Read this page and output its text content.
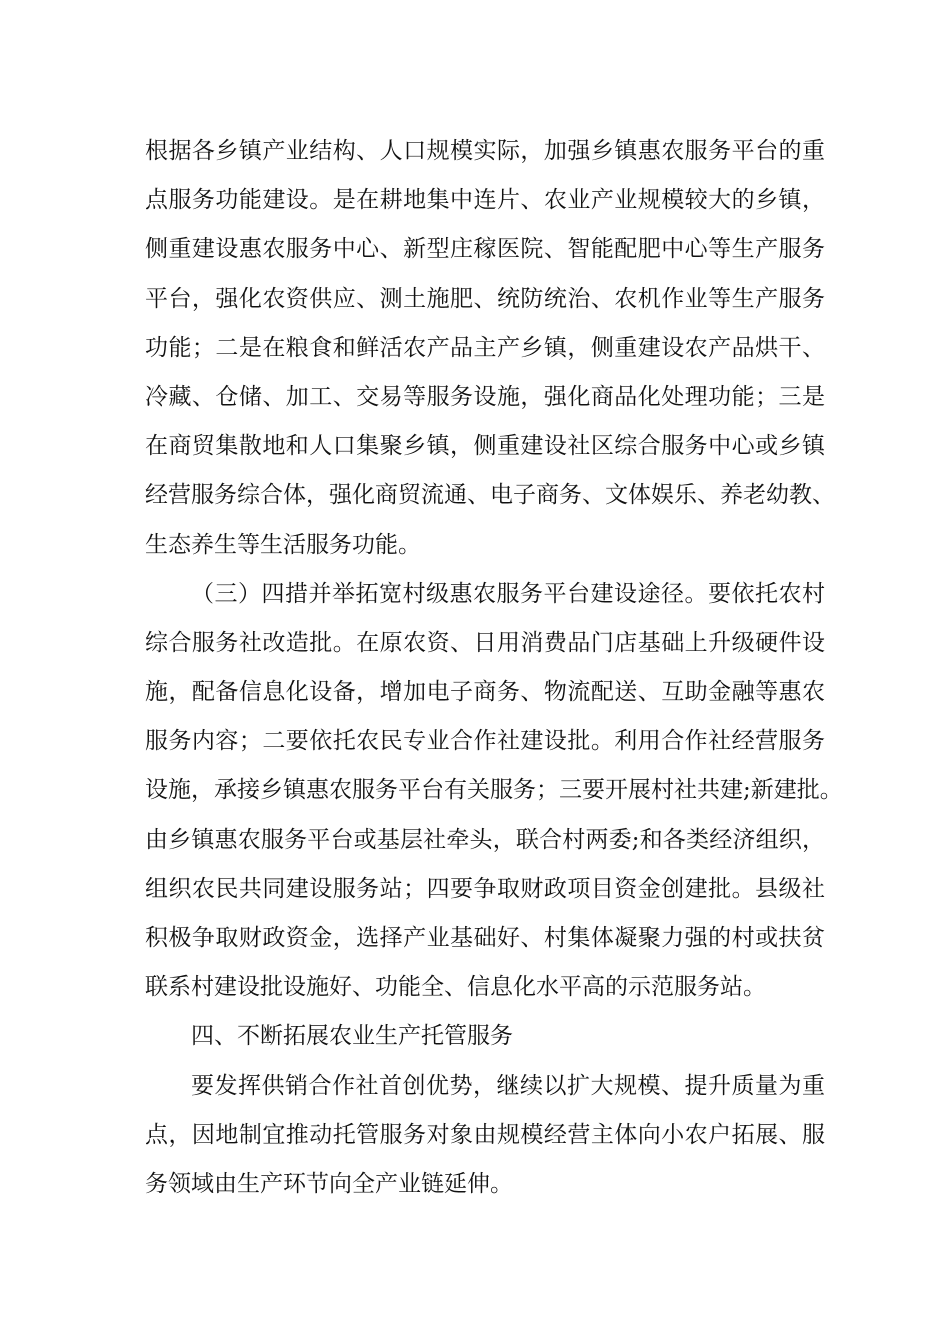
根据各乡镇产业结构、人口规模实际，加强乡镇惠农服务平台的重
点服务功能建设。是在耕地集中连片、农业产业规模较大的乡镇，
侧重建设惠农服务中心、新型庄稼医院、智能配肥中心等生产服务
平台，强化农资供应、测土施肥、统防统治、农机作业等生产服务
功能；二是在粮食和鲜活农产品主产乡镇，侧重建设农产品烘干、
冷藏、仓储、加工、交易等服务设施，强化商品化处理功能；三是
在商贸集散地和人口集聚乡镇，侧重建设社区综合服务中心或乡镇
经营服务综合体，强化商贸流通、电子商务、文体娱乐、养老幼教、
生态养生等生活服务功能。
（三）四措并举拓宽村级惠农服务平台建设途径。要依托农村
综合服务社改造批。在原农资、日用消费品门店基础上升级硬件设
施，配备信息化设备，增加电子商务、物流配送、互助金融等惠农
服务内容；二要依托农民专业合作社建设批。利用合作社经营服务
设施，承接乡镇惠农服务平台有关服务；三要开展村社共建;新建批。
由乡镇惠农服务平台或基层社牵头，联合村两委;和各类经济组织，
组织农民共同建设服务站；四要争取财政项目资金创建批。县级社
积极争取财政资金，选择产业基础好、村集体凝聚力强的村或扶贫
联系村建设批设施好、功能全、信息化水平高的示范服务站。
四、不断拓展农业生产托管服务
要发挥供销合作社首创优势，继续以扩大规模、提升质量为重
点，因地制宜推动托管服务对象由规模经营主体向小农户拓展、服
务领域由生产环节向全产业链延伸。
